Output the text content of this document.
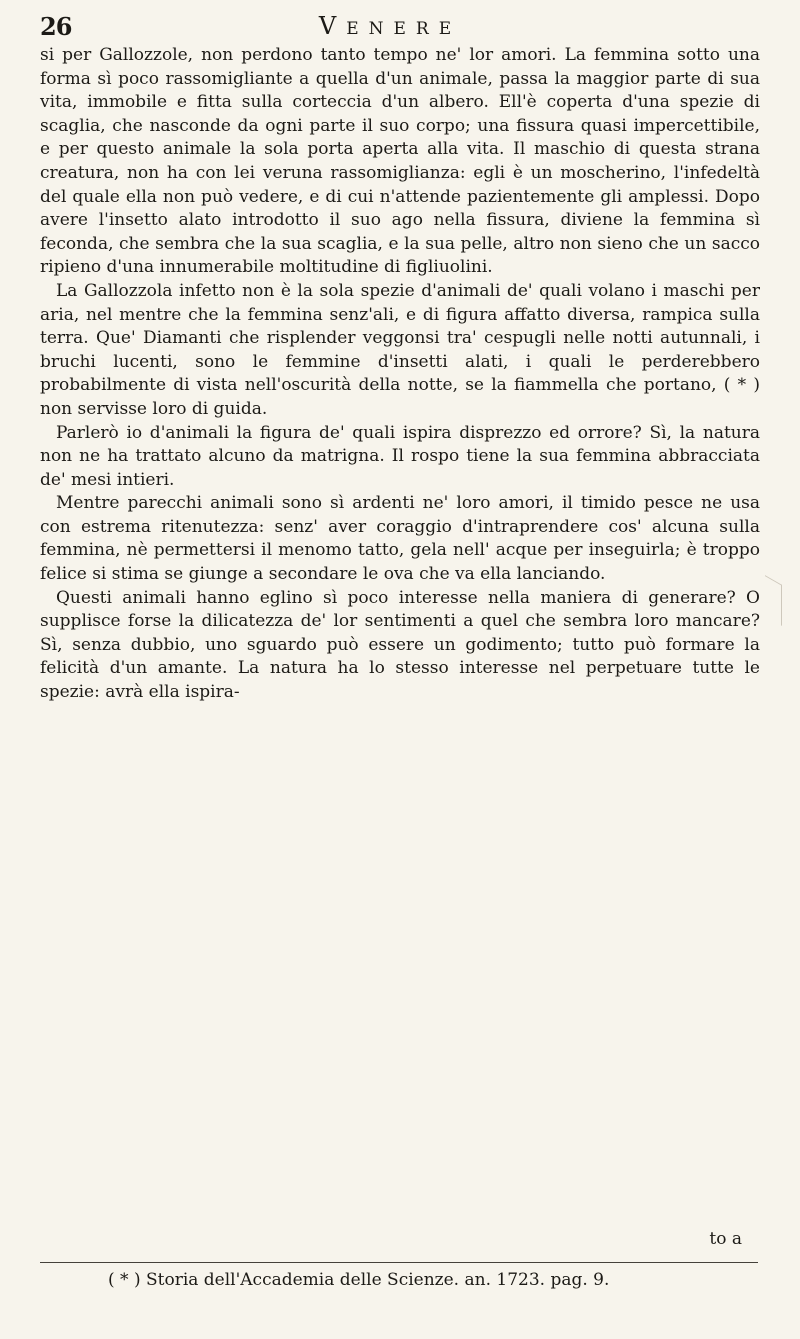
26	Venere

si per Gallozzole, non perdono tanto tempo ne' lor amori. La femmina sotto una forma sì poco rassomigliante a quella d'un animale, passa la maggior parte di sua vita, immobile e fitta sulla corteccia d'un albero. Ell'è coperta d'una spezie di scaglia, che nasconde da ogni parte il suo corpo; una fissura quasi impercettibile, e per questo animale la sola porta aperta alla vita. Il maschio di questa strana creatura, non ha con lei veruna rassomiglianza: egli è un moscherino, l'infedeltà del quale ella non può vedere, e di cui n'attende pazientemente gli amplessi. Dopo avere l'insetto alato introdotto il suo ago nella fissura, diviene la femmina sì feconda, che sembra che la sua scaglia, e la sua pelle, altro non sieno che un sacco ripieno d'una innumerabile moltitudine di figliuolini.

La Gallozzola infetto non è la sola spezie d'animali de' quali volano i maschi per aria, nel mentre che la femmina senz'ali, e di figura affatto diversa, rampica sulla terra. Que' Diamanti che risplender veggonsi tra' cespugli nelle notti autunnali, i bruchi lucenti, sono le femmine d'insetti alati, i quali le perderebbero probabilmente di vista nell'oscurità della notte, se la fiammella che portano, ( * ) non servisse loro di guida.

Parlerò io d'animali la figura de' quali ispira disprezzo ed orrore? Sì, la natura non ne ha trattato alcuno da matrigna. Il rospo tiene la sua femmina abbracciata de' mesi intieri.

Mentre parecchi animali sono sì ardenti ne' loro amori, il timido pesce ne usa con estrema ritenutezza: senz' aver coraggio d'intraprendere cos' alcuna sulla femmina, nè permettersi il menomo tatto, gela nell' acque per inseguirla; è troppo felice si stima se giunge a secondare le ova che va ella lanciando.

Questi animali hanno eglino sì poco interesse nella maniera di generare? O supplisce forse la dilicatezza de' lor sentimenti a quel che sembra loro mancare? Sì, senza dubbio, uno sguardo può essere un godimento; tutto può formare la felicità d'un amante. La natura ha lo stesso interesse nel perpetuare tutte le spezie: avrà ella ispira-

to a
( * ) Storia dell'Accademia delle Scienze. an. 1723. pag. 9.
